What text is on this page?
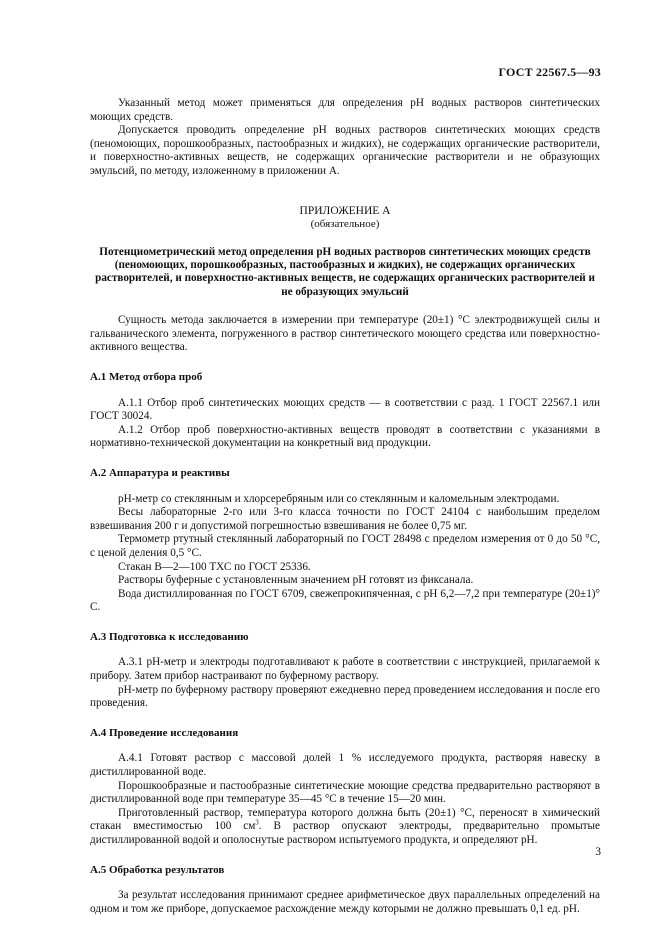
ГОСТ 22567.5—93

Указанный метод может применяться для определения pH водных растворов синтетических моющих средств.

Допускается проводить определение pH водных растворов синтетических моющих средств (пеномоющих, порошкообразных, пастообразных и жидких), не содержащих органические растворители, и поверхностно-активных веществ, не содержащих органические растворители и не образующих эмульсий, по методу, изложенному в приложении А.

ПРИЛОЖЕНИЕ А
(обязательное)
Потенциометрический метод определения pH водных растворов синтетических моющих средств (пеномоющих, порошкообразных, пастообразных и жидких), не содержащих органических растворителей, и поверхностно-активных веществ, не содержащих органических растворителей и не образующих эмульсий

Сущность метода заключается в измерении при температуре (20±1) °С электродвижущей силы и гальванического элемента, погруженного в раствор синтетического моющего средства или поверхностно-активного вещества.

А.1 Метод отбора проб

А.1.1 Отбор проб синтетических моющих средств — в соответствии с разд. 1 ГОСТ 22567.1 или ГОСТ 30024.

А.1.2 Отбор проб поверхностно-активных веществ проводят в соответствии с указаниями в нормативно-технической документации на конкретный вид продукции.

А.2 Аппаратура и реактивы

pH-метр со стеклянным и хлорсеребряным или со стеклянным и каломельным электродами.

Весы лабораторные 2-го или 3-го класса точности по ГОСТ 24104 с наибольшим пределом взвешивания 200 г и допустимой погрешностью взвешивания не более 0,75 мг.

Термометр ртутный стеклянный лабораторный по ГОСТ 28498 с пределом измерения от 0 до 50 °С, с ценой деления 0,5 °С.

Стакан В—2—100 ТХС по ГОСТ 25336.

Растворы буферные с установленным значением pH готовят из фиксанала.

Вода дистиллированная по ГОСТ 6709, свежепрокипяченная, с pH 6,2—7,2 при температуре (20±1)° С.

А.3 Подготовка к исследованию

А.3.1 pH-метр и электроды подготавливают к работе в соответствии с инструкцией, прилагаемой к прибору. Затем прибор настраивают по буферному раствору.

pH-метр по буферному раствору проверяют ежедневно перед проведением исследования и после его проведения.

А.4 Проведение исследования

А.4.1 Готовят раствор с массовой долей 1 % исследуемого продукта, растворяя навеску в дистиллированной воде.

Порошкообразные и пастообразные синтетические моющие средства предварительно растворяют в дистиллированной воде при температуре 35—45 °С в течение 15—20 мин.

Приготовленный раствор, температура которого должна быть (20±1) °С, переносят в химический стакан вместимостью 100 $см^3$. В раствор опускают электроды, предварительно промытые дистиллированной водой и ополоснутые раствором испытуемого продукта, и определяют pH.

А.5 Обработка результатов

За результат исследования принимают среднее арифметическое двух параллельных определений на одном и том же приборе, допускаемое расхождение между которыми не должно превышать 0,1 ед. pH.

3
